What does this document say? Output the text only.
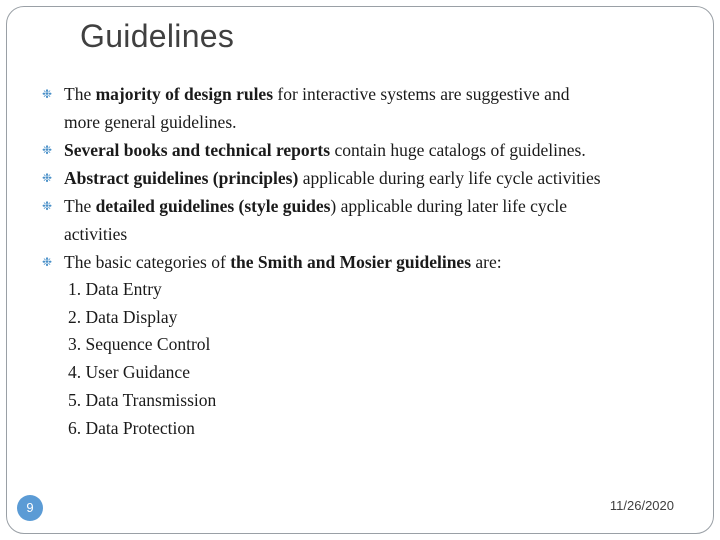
Guidelines
❉ The majority of design rules for interactive systems are suggestive and
more general guidelines.
❉ Several books and technical reports contain huge catalogs of guidelines.
❉ Abstract guidelines (principles) applicable during early life cycle activities
❉ The detailed guidelines (style guides) applicable during later life cycle
activities
❉ The basic categories of the Smith and Mosier guidelines are:
1. Data Entry
2. Data Display
3. Sequence Control
4. User Guidance
5. Data Transmission
6. Data Protection
9	11/26/2020
